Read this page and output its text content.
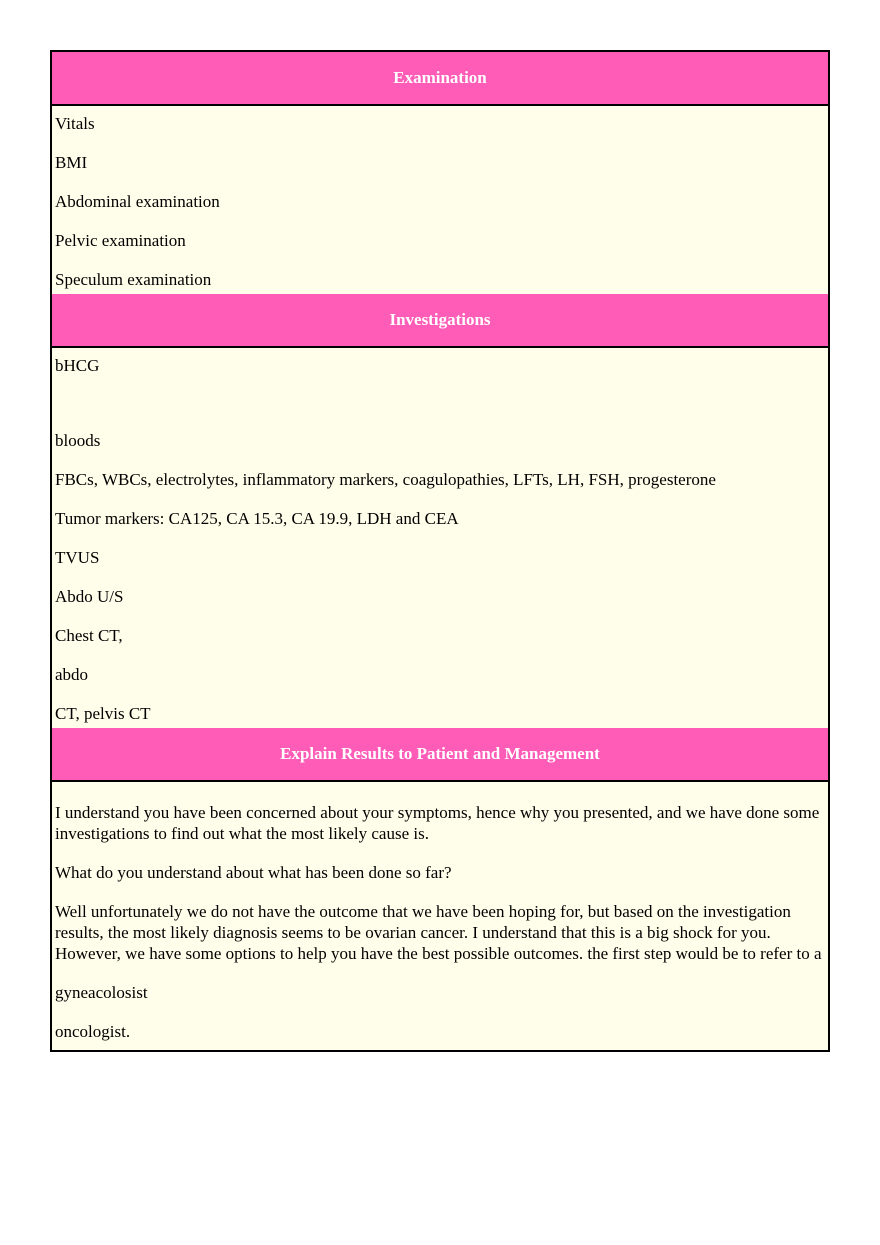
Examination

Vitals

BMI

Abdominal examination

Pelvic examination

Speculum examination

Investigations

bHCG

bloods

FBCs, WBCs, electrolytes, inflammatory markers, coagulopathies, LFTs, LH, FSH, progesterone

Tumor markers: CA125, CA 15.3, CA 19.9, LDH and CEA

TVUS

Abdo U/S

Chest CT,

abdo

CT, pelvis CT

Explain Results to Patient and Management

I understand you have been concerned about your symptoms, hence why you presented, and we have done some investigations to find out what the most likely cause is.

What do you understand about what has been done so far?

Well unfortunately we do not have the outcome that we have been hoping for, but based on the investigation results, the most likely diagnosis seems to be ovarian cancer. I understand that this is a big shock for you. However, we have some options to help you have the best possible outcomes. the first step would be to refer to a

gyneacolosist

oncologist.
